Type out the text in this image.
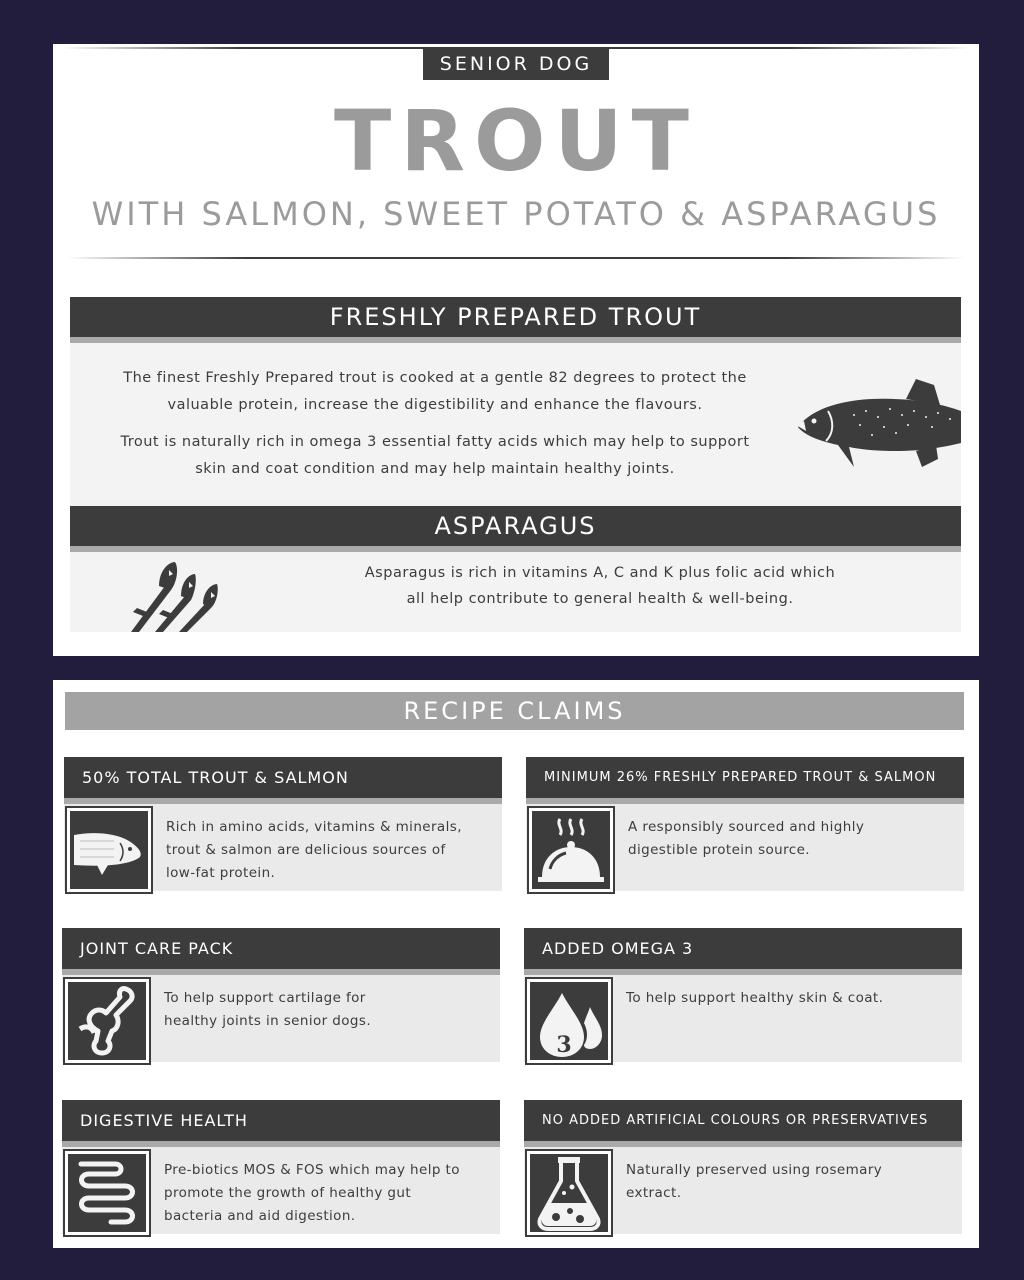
SENIOR DOG
TROUT
WITH SALMON, SWEET POTATO & ASPARAGUS
FRESHLY PREPARED TROUT
The finest Freshly Prepared trout is cooked at a gentle 82 degrees to protect the
valuable protein, increase the digestibility and enhance the flavours.
Trout is naturally rich in omega 3 essential fatty acids which may help to support
skin and coat condition and may help maintain healthy joints.
ASPARAGUS
Asparagus is rich in vitamins A, C and K plus folic acid which
all help contribute to general health & well-being.
RECIPE CLAIMS
50% TOTAL TROUT & SALMON
Rich in amino acids, vitamins & minerals,
trout & salmon are delicious sources of
low-fat protein.
MINIMUM 26% FRESHLY PREPARED TROUT & SALMON
A responsibly sourced and highly
digestible protein source.
JOINT CARE PACK
To help support cartilage for
healthy joints in senior dogs.
ADDED OMEGA 3
3
To help support healthy skin & coat.
DIGESTIVE HEALTH
Pre-biotics MOS & FOS which may help to
promote the growth of healthy gut
bacteria and aid digestion.
NO ADDED ARTIFICIAL COLOURS OR PRESERVATIVES
Naturally preserved using rosemary
extract.
